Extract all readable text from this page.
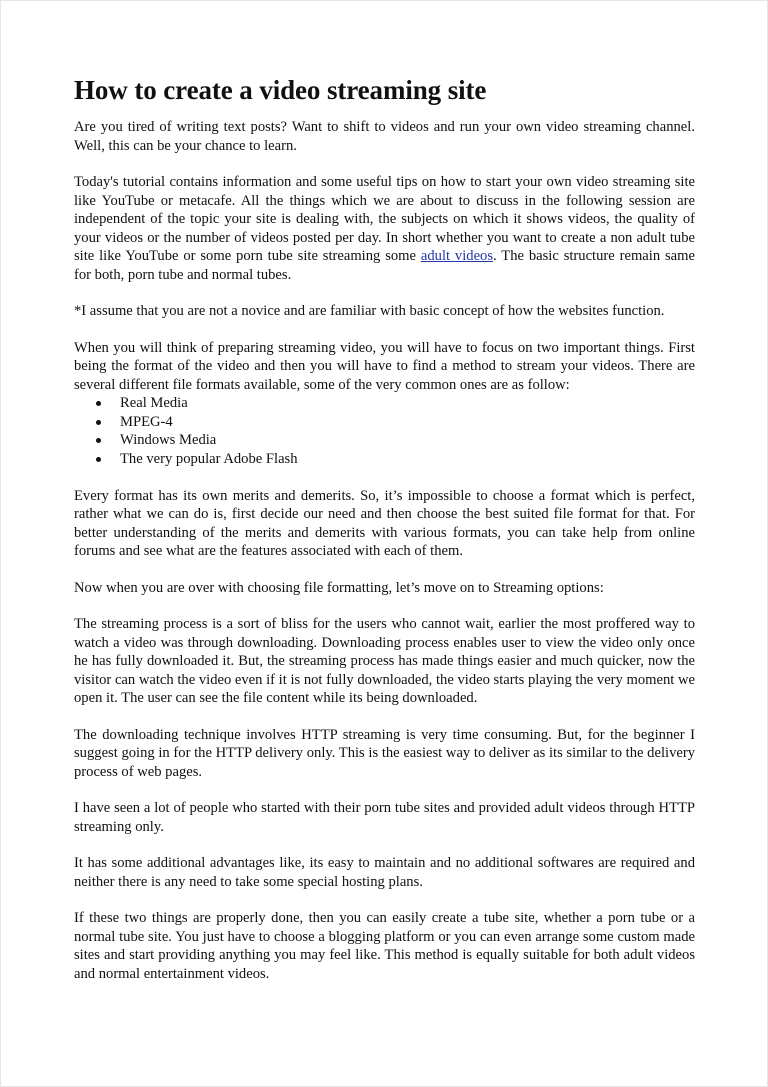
How to create a video streaming site

Are you tired of writing text posts? Want to shift to videos and run your own video streaming channel. Well, this can be your chance to learn.

Today's tutorial contains information and some useful tips on how to start your own video streaming site like YouTube or metacafe. All the things which we are about to discuss in the following session are independent of the topic your site is dealing with, the subjects on which it shows videos, the quality of your videos or the number of videos posted per day. In short whether you want to create a non adult tube site like YouTube or some porn tube site streaming some adult videos. The basic structure remain same for both, porn tube and normal tubes.

*I assume that you are not a novice and are familiar with basic concept of how the websites function.

When you will think of preparing streaming video, you will have to focus on two important things. First being the format of the video and then you will have to find a method to stream your videos. There are several different file formats available, some of the very common ones are as follow:

Real Media
MPEG-4
Windows Media
The very popular Adobe Flash

Every format has its own merits and demerits. So, it’s impossible to choose a format which is perfect, rather what we can do is, first decide our need and then choose the best suited file format for that. For better understanding of the merits and demerits with various formats, you can take help from online forums and see what are the features associated with each of them.

Now when you are over with choosing file formatting, let’s move on to Streaming options:

The streaming process is a sort of bliss for the users who cannot wait, earlier the most proffered way to watch a video was through downloading. Downloading process enables user to view the video only once he has fully downloaded it. But, the streaming process has made things easier and much quicker, now the visitor can watch the video even if it is not fully downloaded, the video starts playing the very moment we open it. The user can see the file content while its being downloaded.

The downloading technique involves HTTP streaming is very time consuming. But, for the beginner I suggest going in for the HTTP delivery only. This is the easiest way to deliver as its similar to the delivery process of web pages.

I have seen a lot of people who started with their porn tube sites and provided adult videos through HTTP streaming only.

It has some additional advantages like, its easy to maintain and no additional softwares are required and neither there is any need to take some special hosting plans.

If these two things are properly done, then you can easily create a tube site, whether a porn tube or a normal tube site. You just have to choose a blogging platform or you can even arrange some custom made sites and start providing anything you may feel like. This method is equally suitable for both adult videos and normal entertainment videos.
